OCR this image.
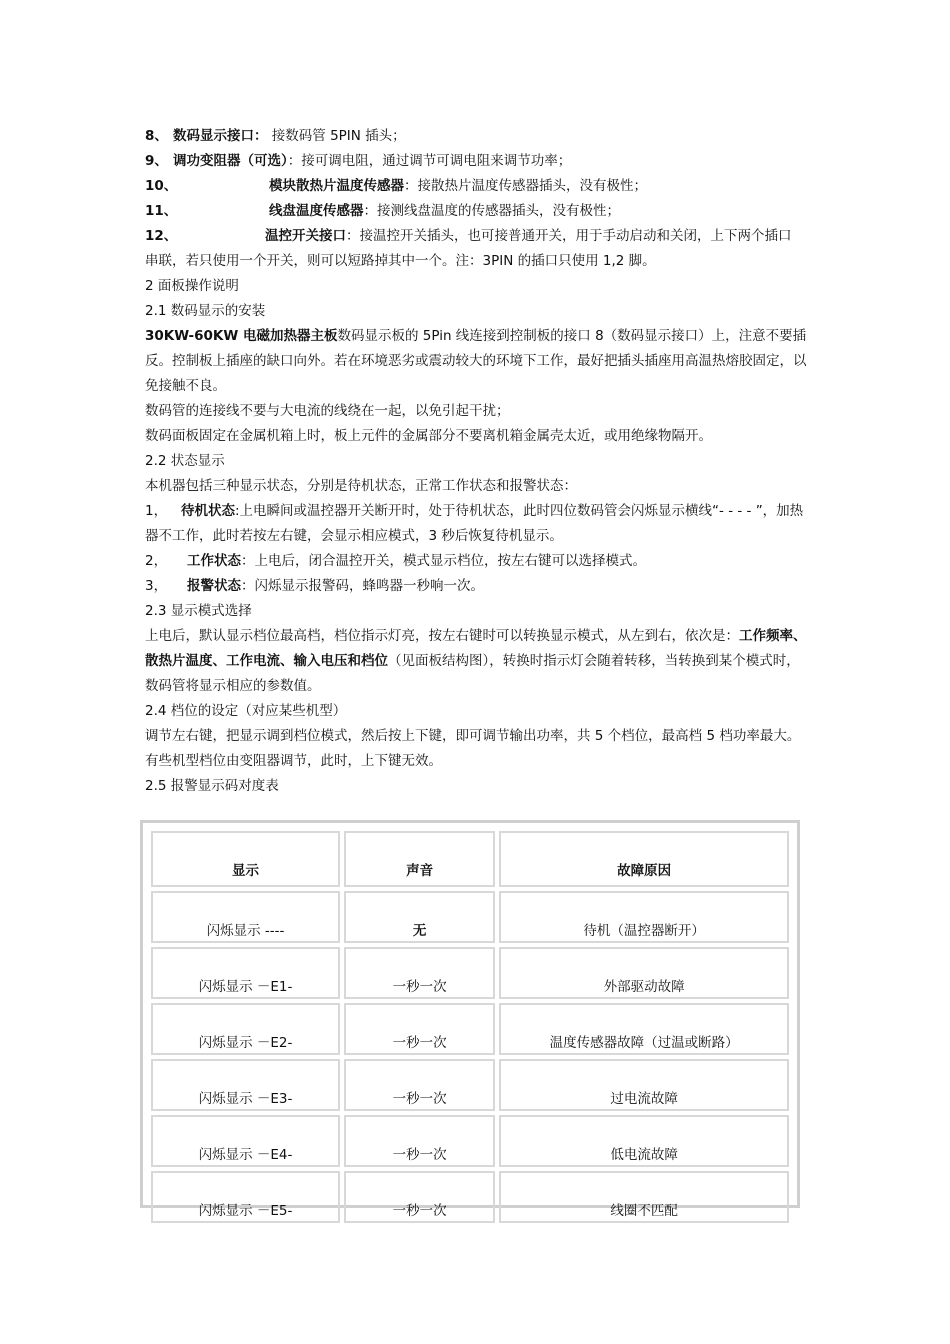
8、 数码显示接口： 接数码管 5PIN 插头；
9、 调功变阻器（可选）：接可调电阻，通过调节可调电阻来调节功率；
10、	模块散热片温度传感器：接散热片温度传感器插头，没有极性；
11、	线盘温度传感器：接测线盘温度的传感器插头，没有极性；
12、	温控开关接口：接温控开关插头，也可接普通开关，用于手动启动和关闭，上下两个插口
串联，若只使用一个开关，则可以短路掉其中一个。注：3PIN 的插口只使用 1,2 脚。
2 面板操作说明
2.1 数码显示的安装
30KW-60KW 电磁加热器主板数码显示板的 5Pin 线连接到控制板的接口 8（数码显示接口）上，注意不要插反。控制板上插座的缺口向外。若在环境恶劣或震动较大的环境下工作，最好把插头插座用高温热熔胶固定，以免接触不良。
数码管的连接线不要与大电流的线绕在一起，以免引起干扰；
数码面板固定在金属机箱上时，板上元件的金属部分不要离机箱金属壳太近，或用绝缘物隔开。
2.2 状态显示
本机器包括三种显示状态，分别是待机状态，正常工作状态和报警状态：
1， 待机状态:上电瞬间或温控器开关断开时，处于待机状态，此时四位数码管会闪烁显示横线“- - - - ”，加热器不工作，此时若按左右键，会显示相应模式，3 秒后恢复待机显示。
2， 工作状态：上电后，闭合温控开关，模式显示档位，按左右键可以选择模式。
3， 报警状态：闪烁显示报警码，蜂鸣器一秒响一次。
2.3 显示模式选择
上电后，默认显示档位最高档，档位指示灯亮，按左右键时可以转换显示模式，从左到右，依次是：工作频率、散热片温度、工作电流、输入电压和档位（见面板结构图），转换时指示灯会随着转移，当转换到某个模式时，数码管将显示相应的参数值。
2.4 档位的设定（对应某些机型）
调节左右键，把显示调到档位模式，然后按上下键，即可调节输出功率，共 5 个档位，最高档 5 档功率最大。有些机型档位由变阻器调节，此时，上下键无效。
2.5 报警显示码对度表
显示	声音	故障原因
闪烁显示 ----	无	待机（温控器断开）
闪烁显示 －E1-	一秒一次	外部驱动故障
闪烁显示 －E2-	一秒一次	温度传感器故障（过温或断路）
闪烁显示 －E3-	一秒一次	过电流故障
闪烁显示 －E4-	一秒一次	低电流故障
闪烁显示 －E5-	一秒一次	线圈不匹配
